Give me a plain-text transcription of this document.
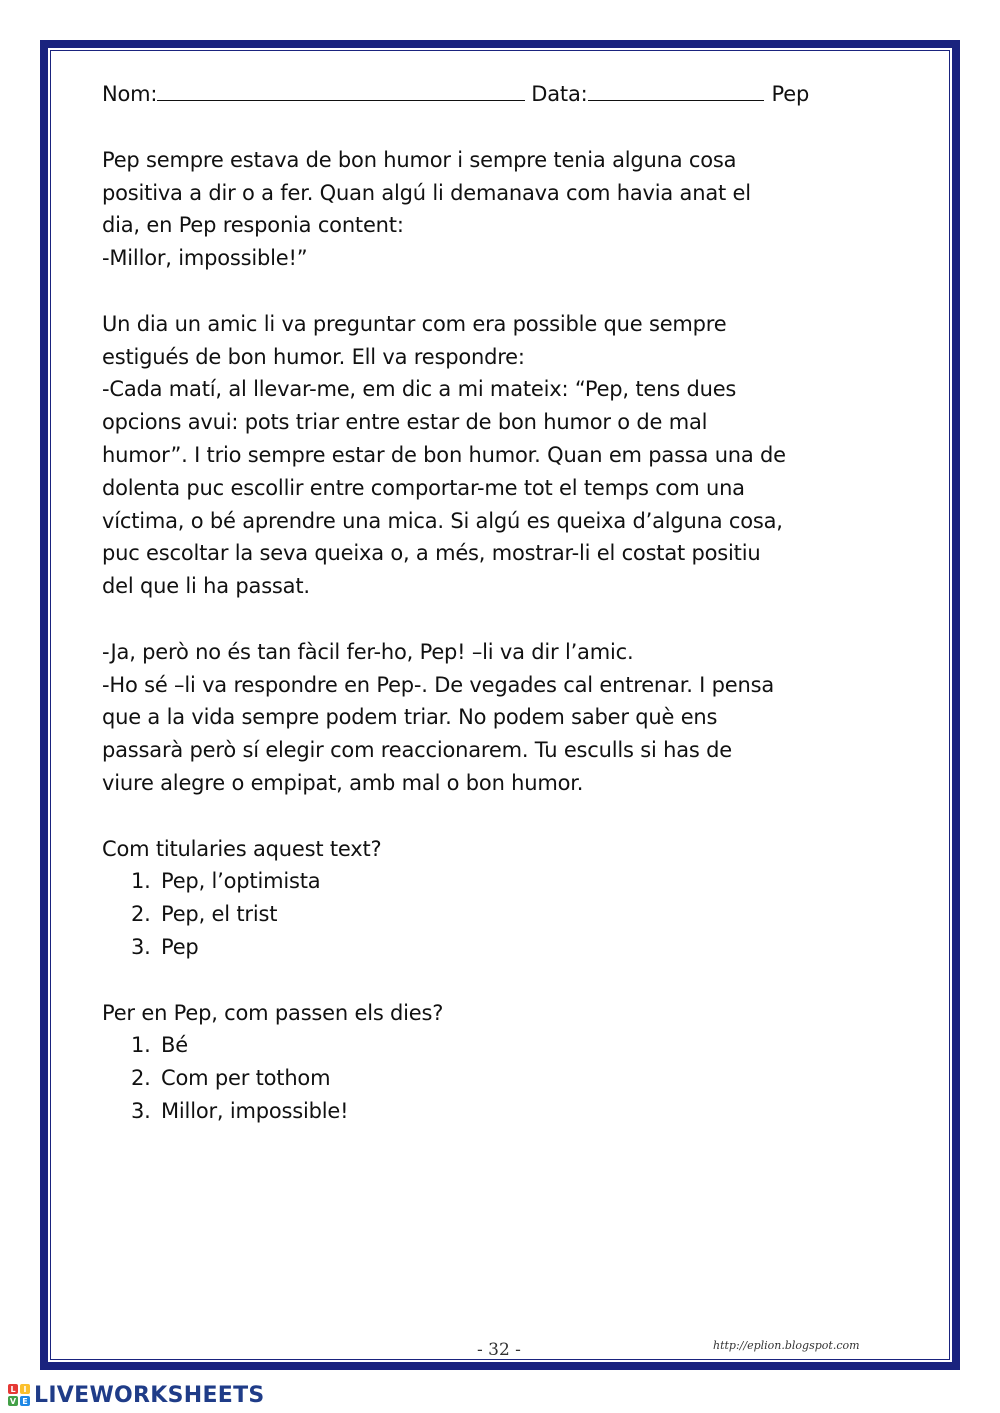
Nom:	Data:	Pep
Pep sempre estava de bon humor i sempre tenia alguna cosa
positiva a dir o a fer. Quan algú li demanava com havia anat el
dia, en Pep responia content:
-Millor, impossible!”
Un dia un amic li va preguntar com era possible que sempre
estigués de bon humor. Ell va respondre:
-Cada matí, al llevar-me, em dic a mi mateix: “Pep, tens dues
opcions avui: pots triar entre estar de bon humor o de mal
humor”. I trio sempre estar de bon humor. Quan em passa una de
dolenta puc escollir entre comportar-me tot el temps com una
víctima, o bé aprendre una mica. Si algú es queixa d’alguna cosa,
puc escoltar la seva queixa o, a més, mostrar-li el costat positiu
del que li ha passat.
-Ja, però no és tan fàcil fer-ho, Pep! –li va dir l’amic.
-Ho sé –li va respondre en Pep-. De vegades cal entrenar. I pensa
que a la vida sempre podem triar. No podem saber què ens
passarà però sí elegir com reaccionarem. Tu esculls si has de
viure alegre o empipat, amb mal o bon humor.

Com titularies aquest text?

1. Pep, l’optimista
2. Pep, el trist
3. Pep

Per en Pep, com passen els dies?

1. Bé
2. Com per tothom
3. Millor, impossible!
- 32 -	http://eplion.blogspot.com
L I
V E LIVEWORKSHEETS
